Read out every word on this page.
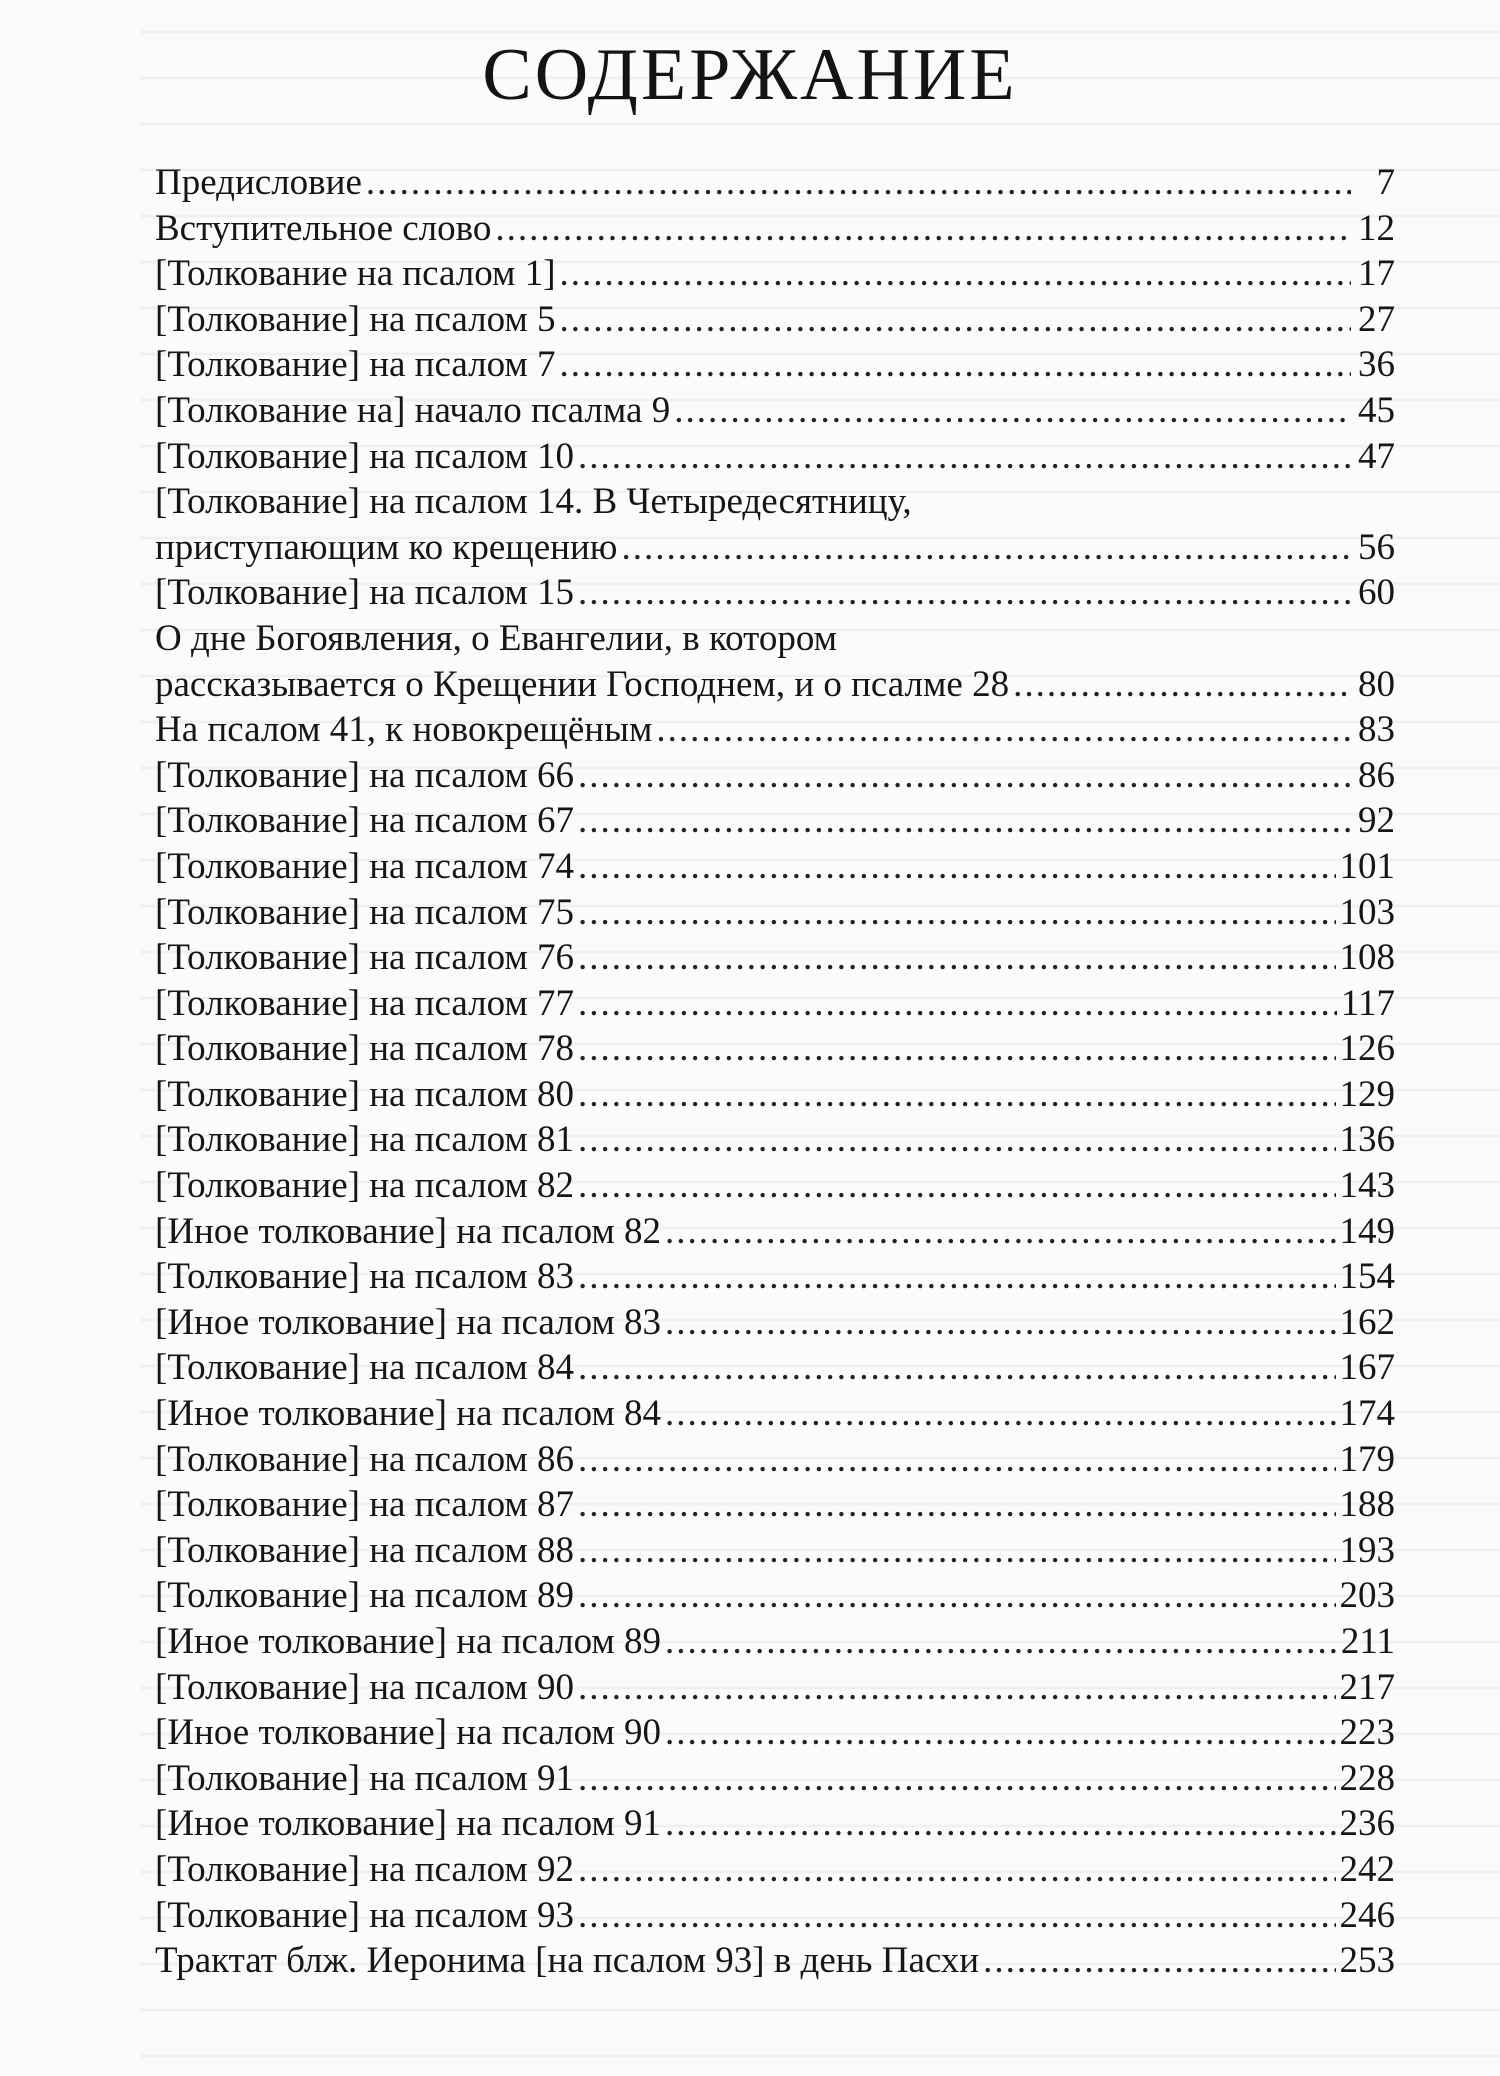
СОДЕРЖАНИЕ
Предисловие .....	7
Вступительное слово .....	12
[Толкование на псалом 1] .....	17
[Толкование] на псалом 5 .....	27
[Толкование] на псалом 7 .....	36
[Толкование на] начало псалма 9 .....	45
[Толкование] на псалом 10 .....	47
[Толкование] на псалом 14. В Четыредесятницу,
приступающим ко крещению .....	56
[Толкование] на псалом 15 .....	60
О дне Богоявления, о Евангелии, в котором
рассказывается о Крещении Господнем, и о псалме 28 .....	80
На псалом 41, к новокрещёным .....	83
[Толкование] на псалом 66 .....	86
[Толкование] на псалом 67 .....	92
[Толкование] на псалом 74 .....	101
[Толкование] на псалом 75 .....	103
[Толкование] на псалом 76 .....	108
[Толкование] на псалом 77 .....	117
[Толкование] на псалом 78 .....	126
[Толкование] на псалом 80 .....	129
[Толкование] на псалом 81 .....	136
[Толкование] на псалом 82 .....	143
[Иное толкование] на псалом 82 .....	149
[Толкование] на псалом 83 .....	154
[Иное толкование] на псалом 83 .....	162
[Толкование] на псалом 84 .....	167
[Иное толкование] на псалом 84 .....	174
[Толкование] на псалом 86 .....	179
[Толкование] на псалом 87 .....	188
[Толкование] на псалом 88 .....	193
[Толкование] на псалом 89 .....	203
[Иное толкование] на псалом 89 .....	211
[Толкование] на псалом 90 .....	217
[Иное толкование] на псалом 90 .....	223
[Толкование] на псалом 91 .....	228
[Иное толкование] на псалом 91 .....	236
[Толкование] на псалом 92 .....	242
[Толкование] на псалом 93 .....	246
Трактат блж. Иеронима [на псалом 93] в день Пасхи .....	253
